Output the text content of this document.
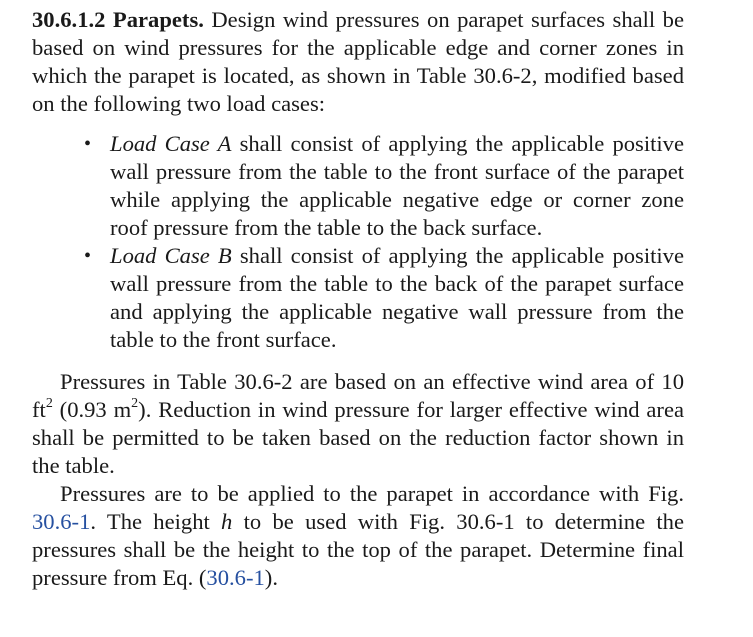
30.6.1.2 Parapets. Design wind pressures on parapet surfaces shall be based on wind pressures for the applicable edge and corner zones in which the parapet is located, as shown in Table 30.6-2, modified based on the following two load cases:

• Load Case A shall consist of applying the applicable positive wall pressure from the table to the front surface of the parapet while applying the applicable negative edge or corner zone roof pressure from the table to the back surface.
• Load Case B shall consist of applying the applicable positive wall pressure from the table to the back of the parapet surface and applying the applicable negative wall pressure from the table to the front surface.

Pressures in Table 30.6-2 are based on an effective wind area of 10 $ft^2$ (0.93 $m^2$). Reduction in wind pressure for larger effective wind area shall be permitted to be taken based on the reduction factor shown in the table.

Pressures are to be applied to the parapet in accordance with Fig. 30.6-1. The height h to be used with Fig. 30.6-1 to determine the pressures shall be the height to the top of the parapet. Determine final pressure from Eq. (30.6-1).
